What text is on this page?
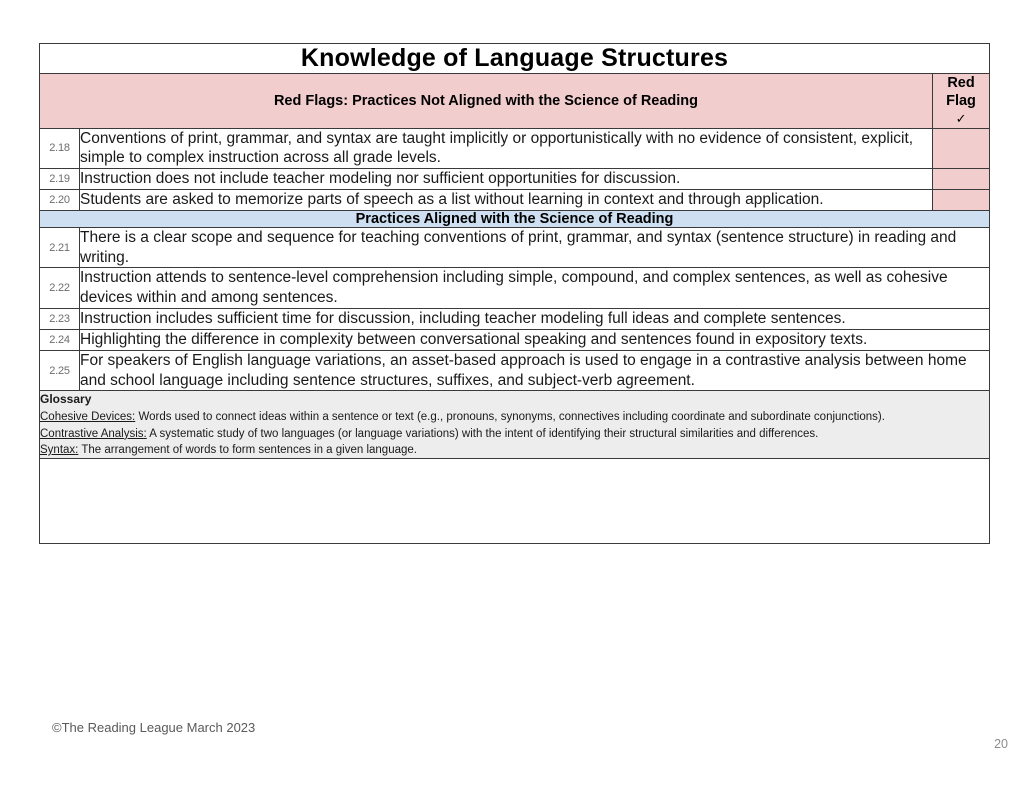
Knowledge of Language Structures		
Red Flags: Practices Not Aligned with the Science of Reading		Red
Flag
✓

2.18	Conventions of print, grammar, and syntax are taught implicitly or opportunistically with no evidence of consistent, explicit, simple to complex instruction across all grade levels.	
2.19	Instruction does not include teacher modeling nor sufficient opportunities for discussion.	
2.20	Students are asked to memorize parts of speech as a list without learning in context and through application.	
Practices Aligned with the Science of Reading		
2.21	There is a clear scope and sequence for teaching conventions of print, grammar, and syntax (sentence structure) in reading and writing.	
2.22	Instruction attends to sentence-level comprehension including simple, compound, and complex sentences, as well as cohesive devices within and among sentences.	
2.23	Instruction includes sufficient time for discussion, including teacher modeling full ideas and complete sentences.	
2.24	Highlighting the difference in complexity between conversational speaking and sentences found in expository texts.	
2.25	For speakers of English language variations, an asset-based approach is used to engage in a contrastive analysis between home and school language including sentence structures, suffixes, and subject-verb agreement.	

Glossary
Cohesive Devices: Words used to connect ideas within a sentence or text (e.g., pronouns, synonyms, connectives including coordinate and subordinate conjunctions).
Contrastive Analysis: A systematic study of two languages (or language variations) with the intent of identifying their structural similarities and differences.
Syntax: The arrangement of words to form sentences in a given language.		

©The Reading League March 2023
20
